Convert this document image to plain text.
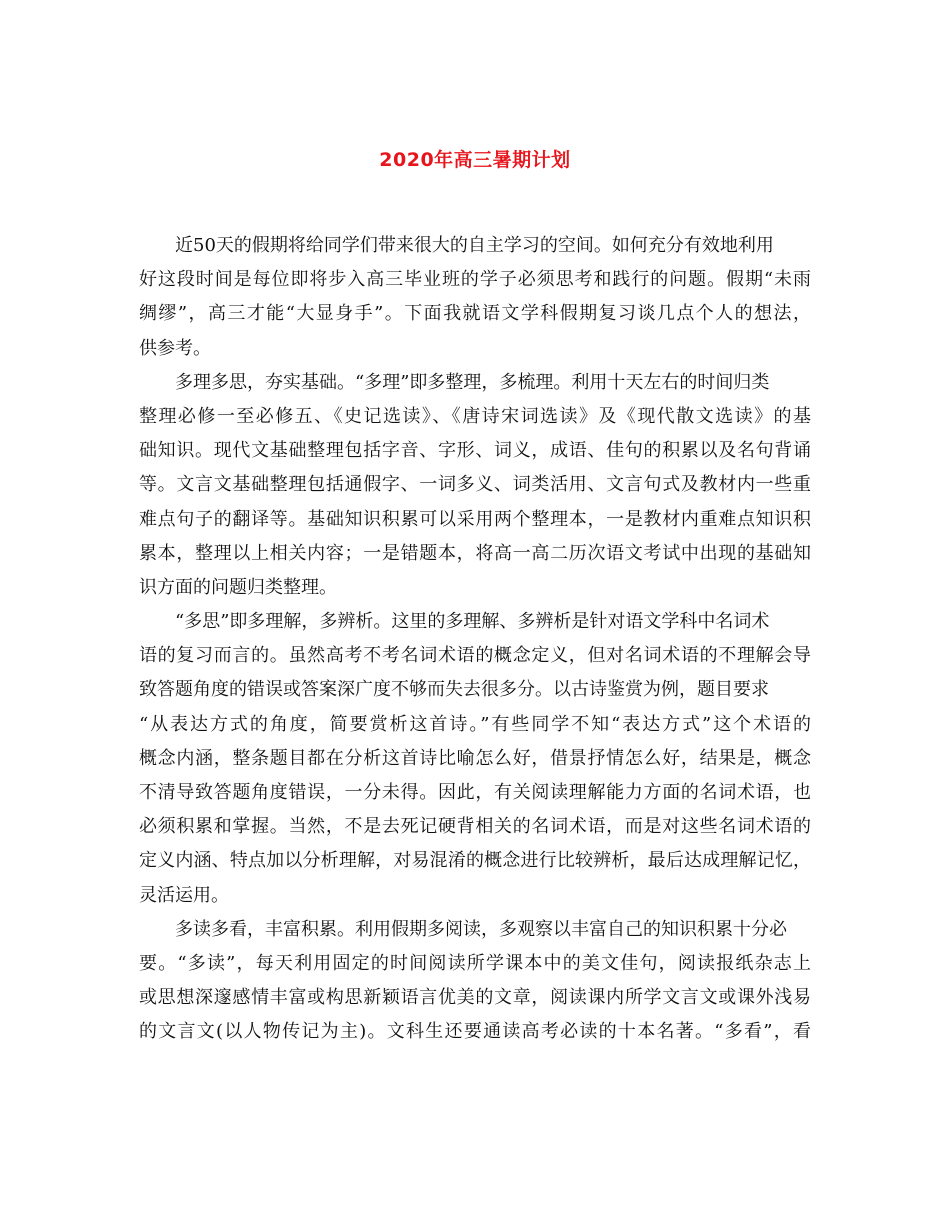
2020年高三暑期计划
近50天的假期将给同学们带来很大的自主学习的空间。如何充分有效地利用
好这段时间是每位即将步入高三毕业班的学子必须思考和践行的问题。假期“未雨
绸缪”，高三才能“大显身手”。下面我就语文学科假期复习谈几点个人的想法，
供参考。
多理多思，夯实基础。“多理”即多整理，多梳理。利用十天左右的时间归类
整理必修一至必修五、《史记选读》、《唐诗宋词选读》及《现代散文选读》的基
础知识。现代文基础整理包括字音、字形、词义，成语、佳句的积累以及名句背诵
等。文言文基础整理包括通假字、一词多义、词类活用、文言句式及教材内一些重
难点句子的翻译等。基础知识积累可以采用两个整理本，一是教材内重难点知识积
累本，整理以上相关内容；一是错题本，将高一高二历次语文考试中出现的基础知
识方面的问题归类整理。
“多思”即多理解，多辨析。这里的多理解、多辨析是针对语文学科中名词术
语的复习而言的。虽然高考不考名词术语的概念定义，但对名词术语的不理解会导
致答题角度的错误或答案深广度不够而失去很多分。以古诗鉴赏为例，题目要求
“从表达方式的角度，简要赏析这首诗。”有些同学不知“表达方式”这个术语的
概念内涵，整条题目都在分析这首诗比喻怎么好，借景抒情怎么好，结果是，概念
不清导致答题角度错误，一分未得。因此，有关阅读理解能力方面的名词术语，也
必须积累和掌握。当然，不是去死记硬背相关的名词术语，而是对这些名词术语的
定义内涵、特点加以分析理解，对易混淆的概念进行比较辨析，最后达成理解记忆，
灵活运用。
多读多看，丰富积累。利用假期多阅读，多观察以丰富自己的知识积累十分必
要。“多读”，每天利用固定的时间阅读所学课本中的美文佳句，阅读报纸杂志上
或思想深邃感情丰富或构思新颖语言优美的文章，阅读课内所学文言文或课外浅易
的文言文(以人物传记为主)。文科生还要通读高考必读的十本名著。“多看”，看
